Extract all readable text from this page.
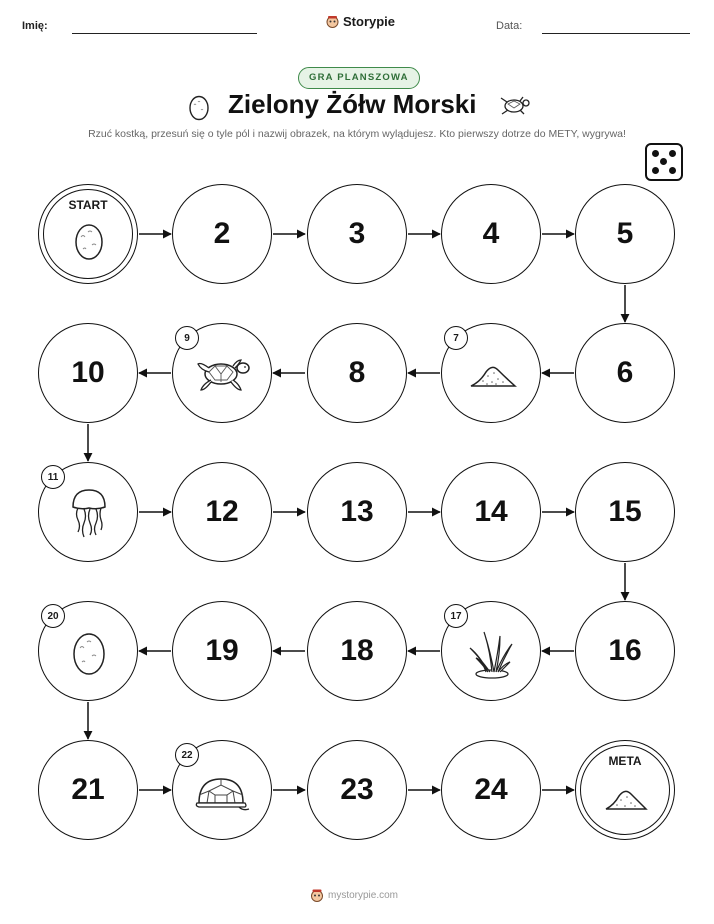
Imię:	Storypie	Data:
GRA PLANSZOWA
Zielony Żółw Morski
Rzuć kostką, przesuń się o tyle pól i nazwij obrazek, na którym wylądujesz. Kto pierwszy dotrze do METY, wygrywa!
START
2	3	4	5
6
7
8
9
10
11
12	13	14	15
16
17
18
19
20
21
22
23	24
META
mystorypie.com
